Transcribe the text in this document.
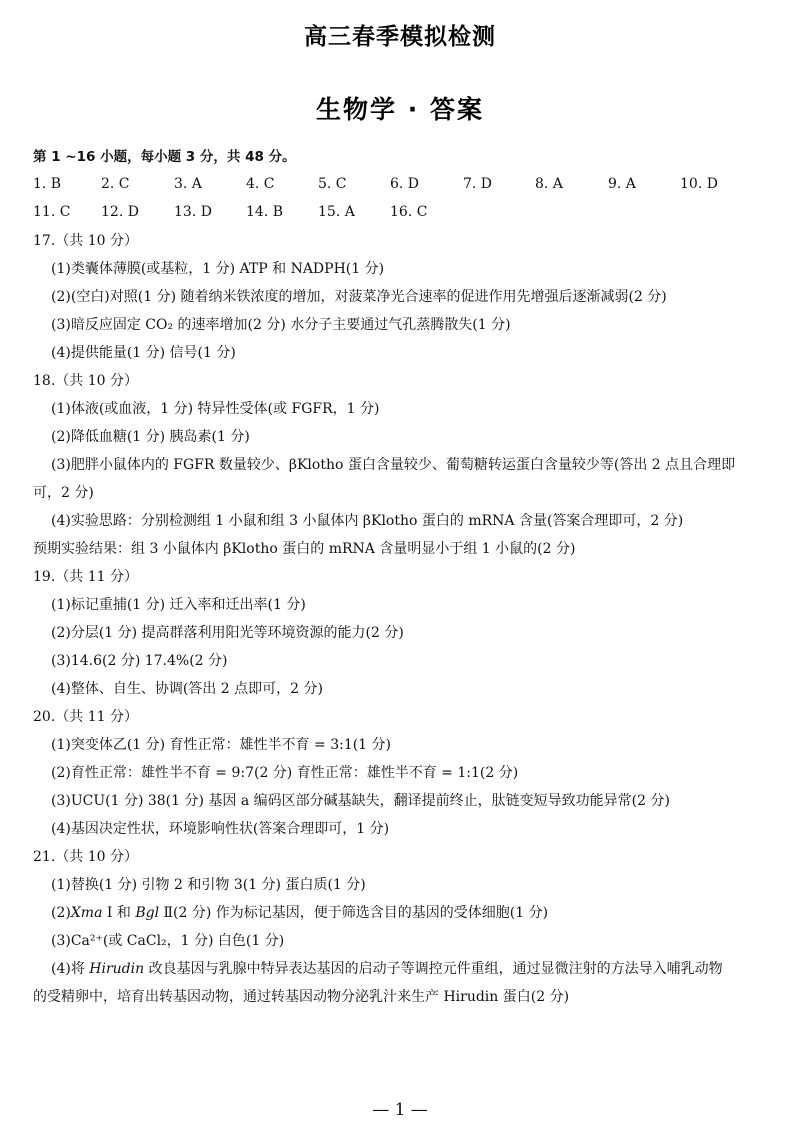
高三春季模拟检测
生物学 · 答案
第 1 ~16 小题，每小题 3 分，共 48 分。
1. B	2. C	3. A	4. C	5. C	6. D	7. D	8. A	9. A	10. D
11. C 12. D	13. D 14. B 15. A	16. C
17.（共 10 分）
(1)类囊体薄膜(或基粒，1 分) ATP 和 NADPH(1 分)
(2)(空白)对照(1 分) 随着纳米铁浓度的增加，对菠菜净光合速率的促进作用先增强后逐渐减弱(2 分)
(3)暗反应固定 CO₂ 的速率增加(2 分) 水分子主要通过气孔蒸腾散失(1 分)
(4)提供能量(1 分) 信号(1 分)
18.（共 10 分）
(1)体液(或血液，1 分) 特异性受体(或 FGFR，1 分)
(2)降低血糖(1 分) 胰岛素(1 分)
(3)肥胖小鼠体内的 FGFR 数量较少、βKlotho 蛋白含量较少、葡萄糖转运蛋白含量较少等(答出 2 点且合理即
可，2 分)
(4)实验思路：分别检测组 1 小鼠和组 3 小鼠体内 βKlotho 蛋白的 mRNA 含量(答案合理即可，2 分)
预期实验结果：组 3 小鼠体内 βKlotho 蛋白的 mRNA 含量明显小于组 1 小鼠的(2 分)
19.（共 11 分）
(1)标记重捕(1 分) 迁入率和迁出率(1 分)
(2)分层(1 分) 提高群落利用阳光等环境资源的能力(2 分)
(3)14.6(2 分) 17.4%(2 分)
(4)整体、自生、协调(答出 2 点即可，2 分)
20.（共 11 分）
(1)突变体乙(1 分) 育性正常：雄性半不育 = 3:1(1 分)
(2)育性正常：雄性半不育 = 9:7(2 分) 育性正常：雄性半不育 = 1:1(2 分)
(3)UCU(1 分) 38(1 分) 基因 a 编码区部分碱基缺失，翻译提前终止，肽链变短导致功能异常(2 分)
(4)基因决定性状，环境影响性状(答案合理即可，1 分)
21.（共 10 分）
(1)替换(1 分) 引物 2 和引物 3(1 分) 蛋白质(1 分)
(2)Xma Ⅰ 和 Bgl Ⅱ(2 分) 作为标记基因，便于筛选含目的基因的受体细胞(1 分)
(3)Ca²⁺(或 CaCl₂，1 分) 白色(1 分)
(4)将 Hirudin 改良基因与乳腺中特异表达基因的启动子等调控元件重组，通过显微注射的方法导入哺乳动物
的受精卵中，培育出转基因动物，通过转基因动物分泌乳汁来生产 Hirudin 蛋白(2 分)
— 1 —
